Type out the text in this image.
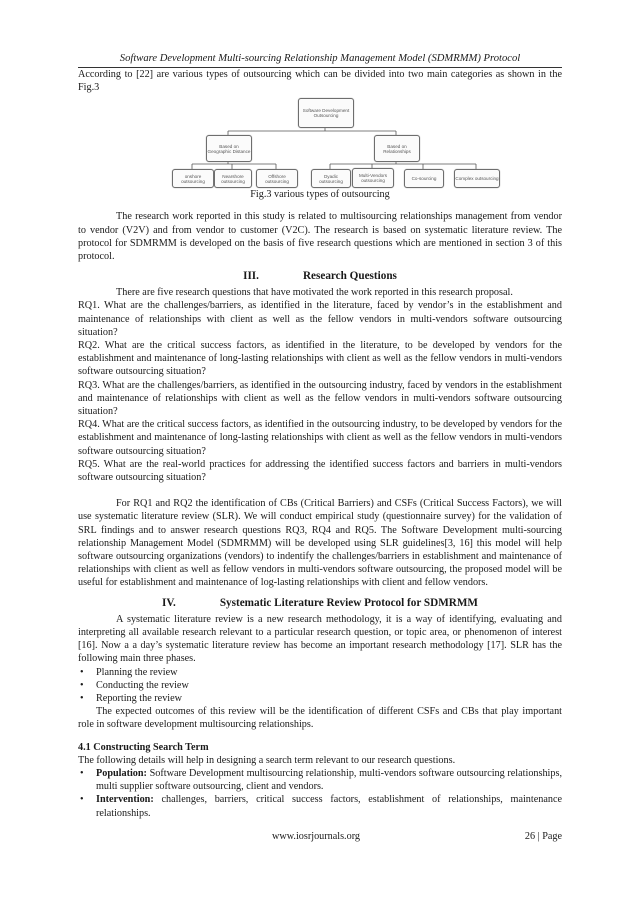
Software Development Multi-sourcing Relationship Management Model (SDMRMM) Protocol

According to [22] are various types of outsourcing which can be divided into two main categories as shown in the Fig.3

Software Development Outsourcing
Based on Geographic Distance
Based on Relationships
onshore outsourcing
Nearshore outsourcing
Offshore outsourcing
Dyadic outsourcing
Multi-Vendors outsourcing	Co-sourcing	Complex outsourcing
Fig.3 various types of outsourcing

The research work reported in this study is related to multisourcing relationships management from vendor to vendor (V2V) and from vendor to customer (V2C). The research is based on systematic literature review. The protocol for SDMRMM is developed on the basis of five research questions which are mentioned in section 3 of this protocol.

III.	Research Questions

There are five research questions that have motivated the work reported in this research proposal.

RQ1. What are the challenges/barriers, as identified in the literature, faced by vendor’s in the establishment and maintenance of relationships with client as well as the fellow vendors in multi-vendors software outsourcing situation?

RQ2. What are the critical success factors, as identified in the literature, to be developed by vendors for the establishment and maintenance of long-lasting relationships with client as well as the fellow vendors in multi-vendors software outsourcing situation?

RQ3. What are the challenges/barriers, as identified in the outsourcing industry, faced by vendors in the establishment and maintenance of relationships with client as well as the fellow vendors in multi-vendors software outsourcing situation?

RQ4. What are the critical success factors, as identified in the outsourcing industry, to be developed by vendors for the establishment and maintenance of long-lasting relationships with client as well as the fellow vendors in multi-vendors software outsourcing situation?

RQ5. What are the real-world practices for addressing the identified success factors and barriers in multi-vendors software outsourcing situation?

For RQ1 and RQ2 the identification of CBs (Critical Barriers) and CSFs (Critical Success Factors), we will use systematic literature review (SLR). We will conduct empirical study (questionnaire survey) for the validation of SRL findings and to answer research questions RQ3, RQ4 and RQ5. The Software Development multi-sourcing relationship Management Model (SDMRMM) will be developed using SLR guidelines[3, 16] this model will help software outsourcing organizations (vendors) to indentify the challenges/barriers in establishment and maintenance of relationships with client as well as fellow vendors in multi-vendors software outsourcing, the proposed model will be useful for establishment and maintenance of log-lasting relationships with client and fellow vendors.

IV.	Systematic Literature Review Protocol for SDMRMM

A systematic literature review is a new research methodology, it is a way of identifying, evaluating and interpreting all available research relevant to a particular research question, or topic area, or phenomenon of interest [16]. Now a a day’s systematic literature review has become an important research methodology [17]. SLR has the following main three phases.

• Planning the review
• Conducting the review
• Reporting the review

The expected outcomes of this review will be the identification of different CSFs and CBs that play important role in software development multisourcing relationships.

4.1 Constructing Search Term

The following details will help in designing a search term relevant to our research questions.

• Population: Software Development multisourcing relationship, multi-vendors software outsourcing relationships, multi supplier software outsourcing, client and vendors.
• Intervention: challenges, barriers, critical success factors, establishment of relationships, maintenance relationships.
www.iosrjournals.org	26 | Page
